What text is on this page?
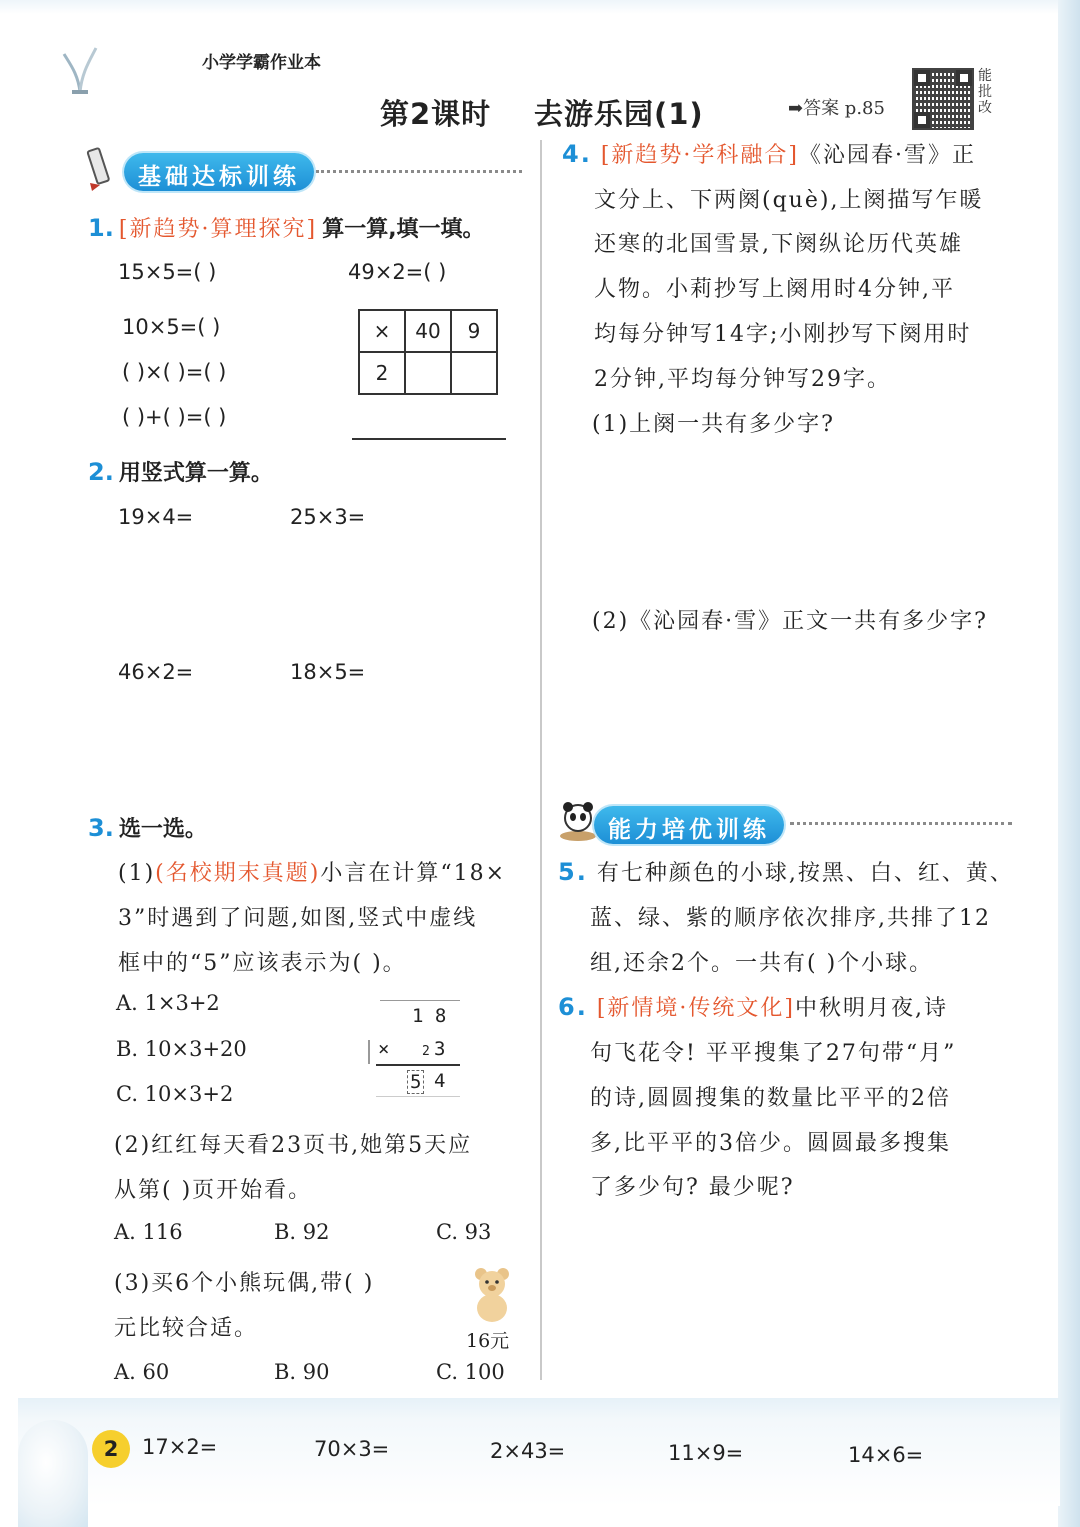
小学学霸作业本
第2课时 去游乐园(1)	➡答案 p.85
能批改
基础达标训练
1. [新趋势·算理探究] 算一算,填一填。
15×5=( )	49×2=( )
10×5=( )
( )×( )=( )
( )+( )=( )
×	40	9
2		
2. 用竖式算一算。
19×4=	25×3=
46×2=	18×5=
3. 选一选。
(1)(名校期末真题)小言在计算“18×
3”时遇到了问题,如图,竖式中虚线
框中的“5”应该表示为( )。
A. 1×3+2
B. 10×3+20
C. 10×3+2
1 8
×	2 3
5 4
(2)红红每天看23页书,她第5天应
从第( )页开始看。
A. 116	B. 92	C. 93
(3)买6个小熊玩偶,带( )
元比较合适。	16元
A. 60	B. 90	C. 100
4. [新趋势·学科融合]《沁园春·雪》正
文分上、下两阕(què),上阕描写乍暖
还寒的北国雪景,下阕纵论历代英雄
人物。小莉抄写上阕用时4分钟,平
均每分钟写14字;小刚抄写下阕用时
2分钟,平均每分钟写29字。
(1)上阕一共有多少字?
(2)《沁园春·雪》正文一共有多少字?
能力培优训练
5. 有七种颜色的小球,按黑、白、红、黄、
蓝、绿、紫的顺序依次排序,共排了12
组,还余2个。一共有( )个小球。
6. [新情境·传统文化]中秋明月夜,诗
句飞花令! 平平搜集了27句带“月”
的诗,圆圆搜集的数量比平平的2倍
多,比平平的3倍少。圆圆最多搜集
了多少句? 最少呢?
2	17×2=	70×3=	2×43=	11×9=	14×6=
